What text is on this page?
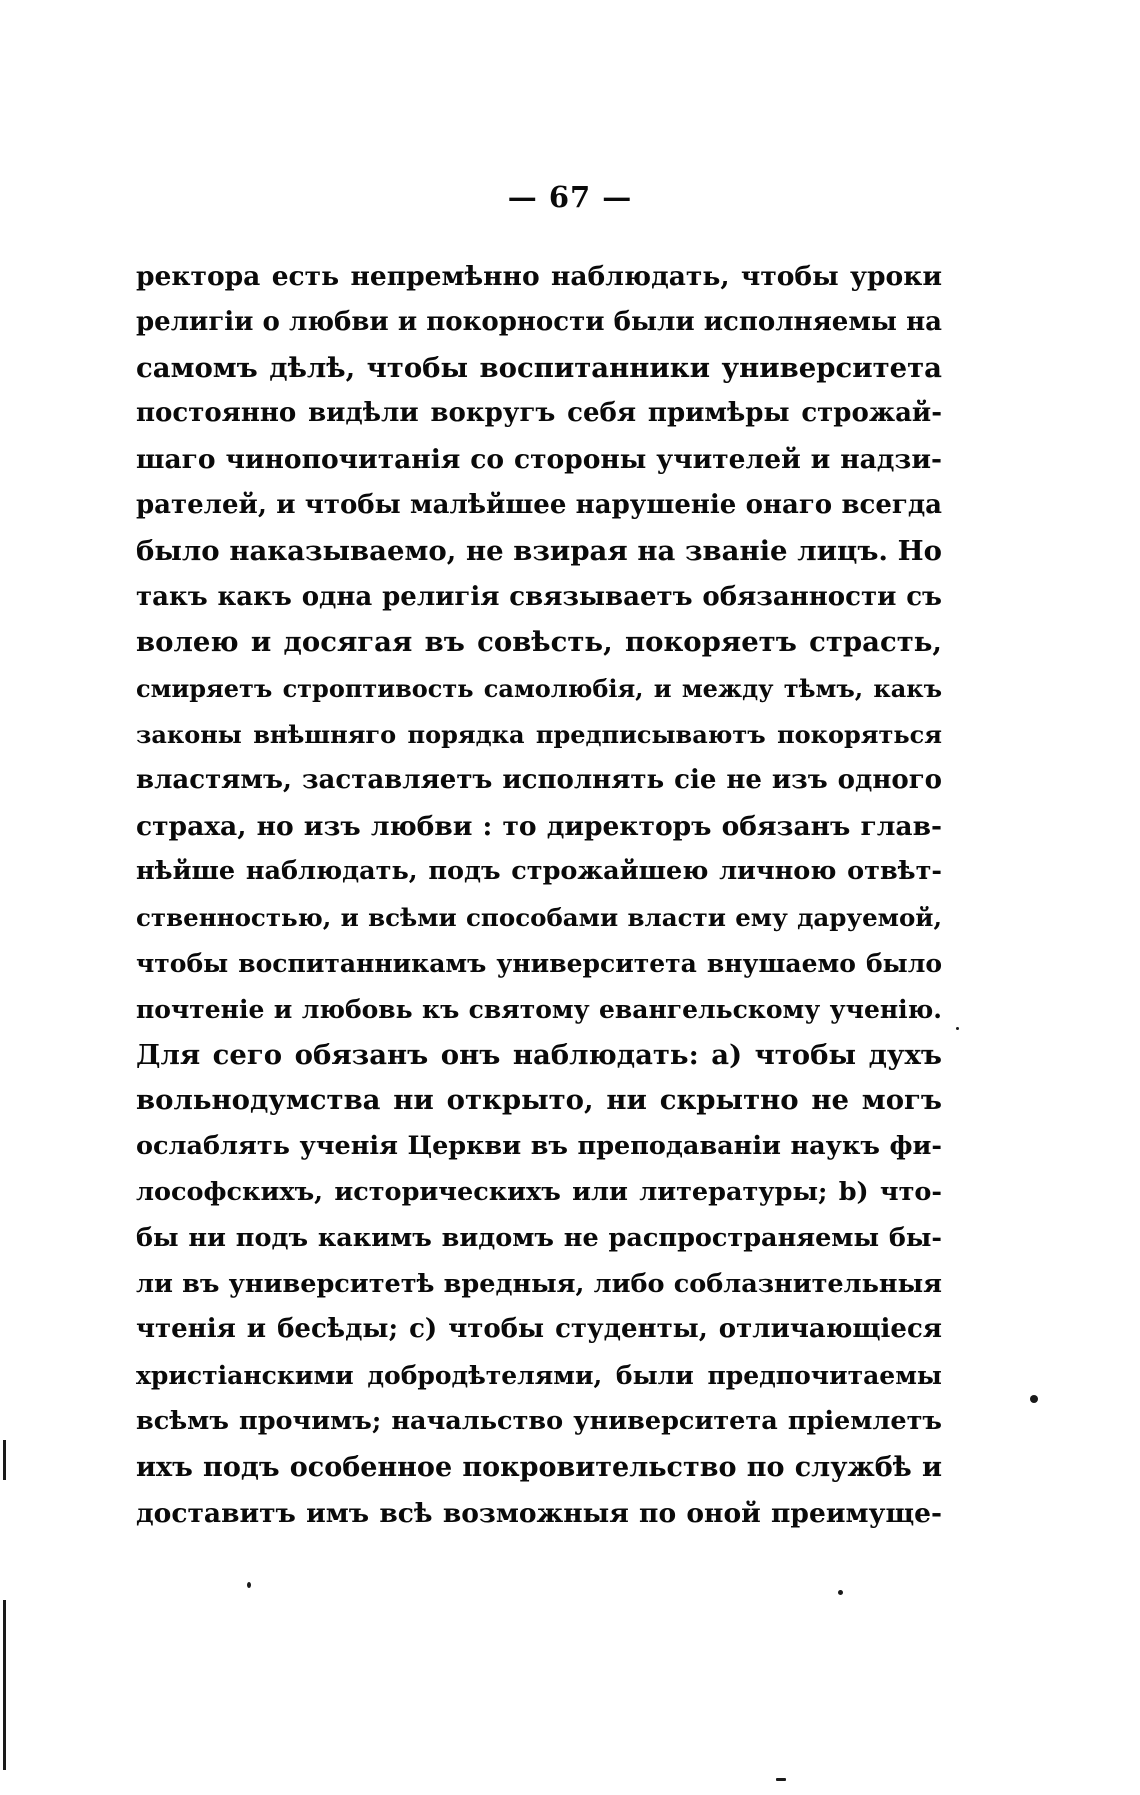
— 67 —
ректора есть непремѣнно наблюдать, чтобы уроки
религіи о любви и покорности были исполняемы на
самомъ дѣлѣ, чтобы воспитанники университета
постоянно видѣли вокругъ себя примѣры строжай-
шаго чинопочитанія со стороны учителей и надзи-
рателей, и чтобы малѣйшее нарушеніе онаго всегда
было наказываемо, не взирая на званіе лицъ. Но
такъ какъ одна религія связываетъ обязанности съ
волею и досягая въ совѣсть, покоряетъ страсть,
смиряетъ строптивость самолюбія, и между тѣмъ, какъ
законы внѣшняго порядка предписываютъ покоряться
властямъ, заставляетъ исполнять сіе не изъ одного
страха, но изъ любви : то директоръ обязанъ глав-
нѣйше наблюдать, подъ строжайшею личною отвѣт-
ственностью, и всѣми способами власти ему даруемой,
чтобы воспитанникамъ университета внушаемо было
почтеніе и любовь къ святому евангельскому ученію.
Для сего обязанъ онъ наблюдать: a) чтобы духъ
вольнодумства ни открыто, ни скрытно не могъ
ослаблять ученія Церкви въ преподаваніи наукъ фи-
лософскихъ, историческихъ или литературы; b) что-
бы ни подъ какимъ видомъ не распространяемы бы-
ли въ университетѣ вредныя, либо соблазнительныя
чтенія и бесѣды; c) чтобы студенты, отличающіеся
христіанскими добродѣтелями, были предпочитаемы
всѣмъ прочимъ; начальство университета пріемлетъ
ихъ подъ особенное покровительство по службѣ и
доставитъ имъ всѣ возможныя по оной преимуще-
